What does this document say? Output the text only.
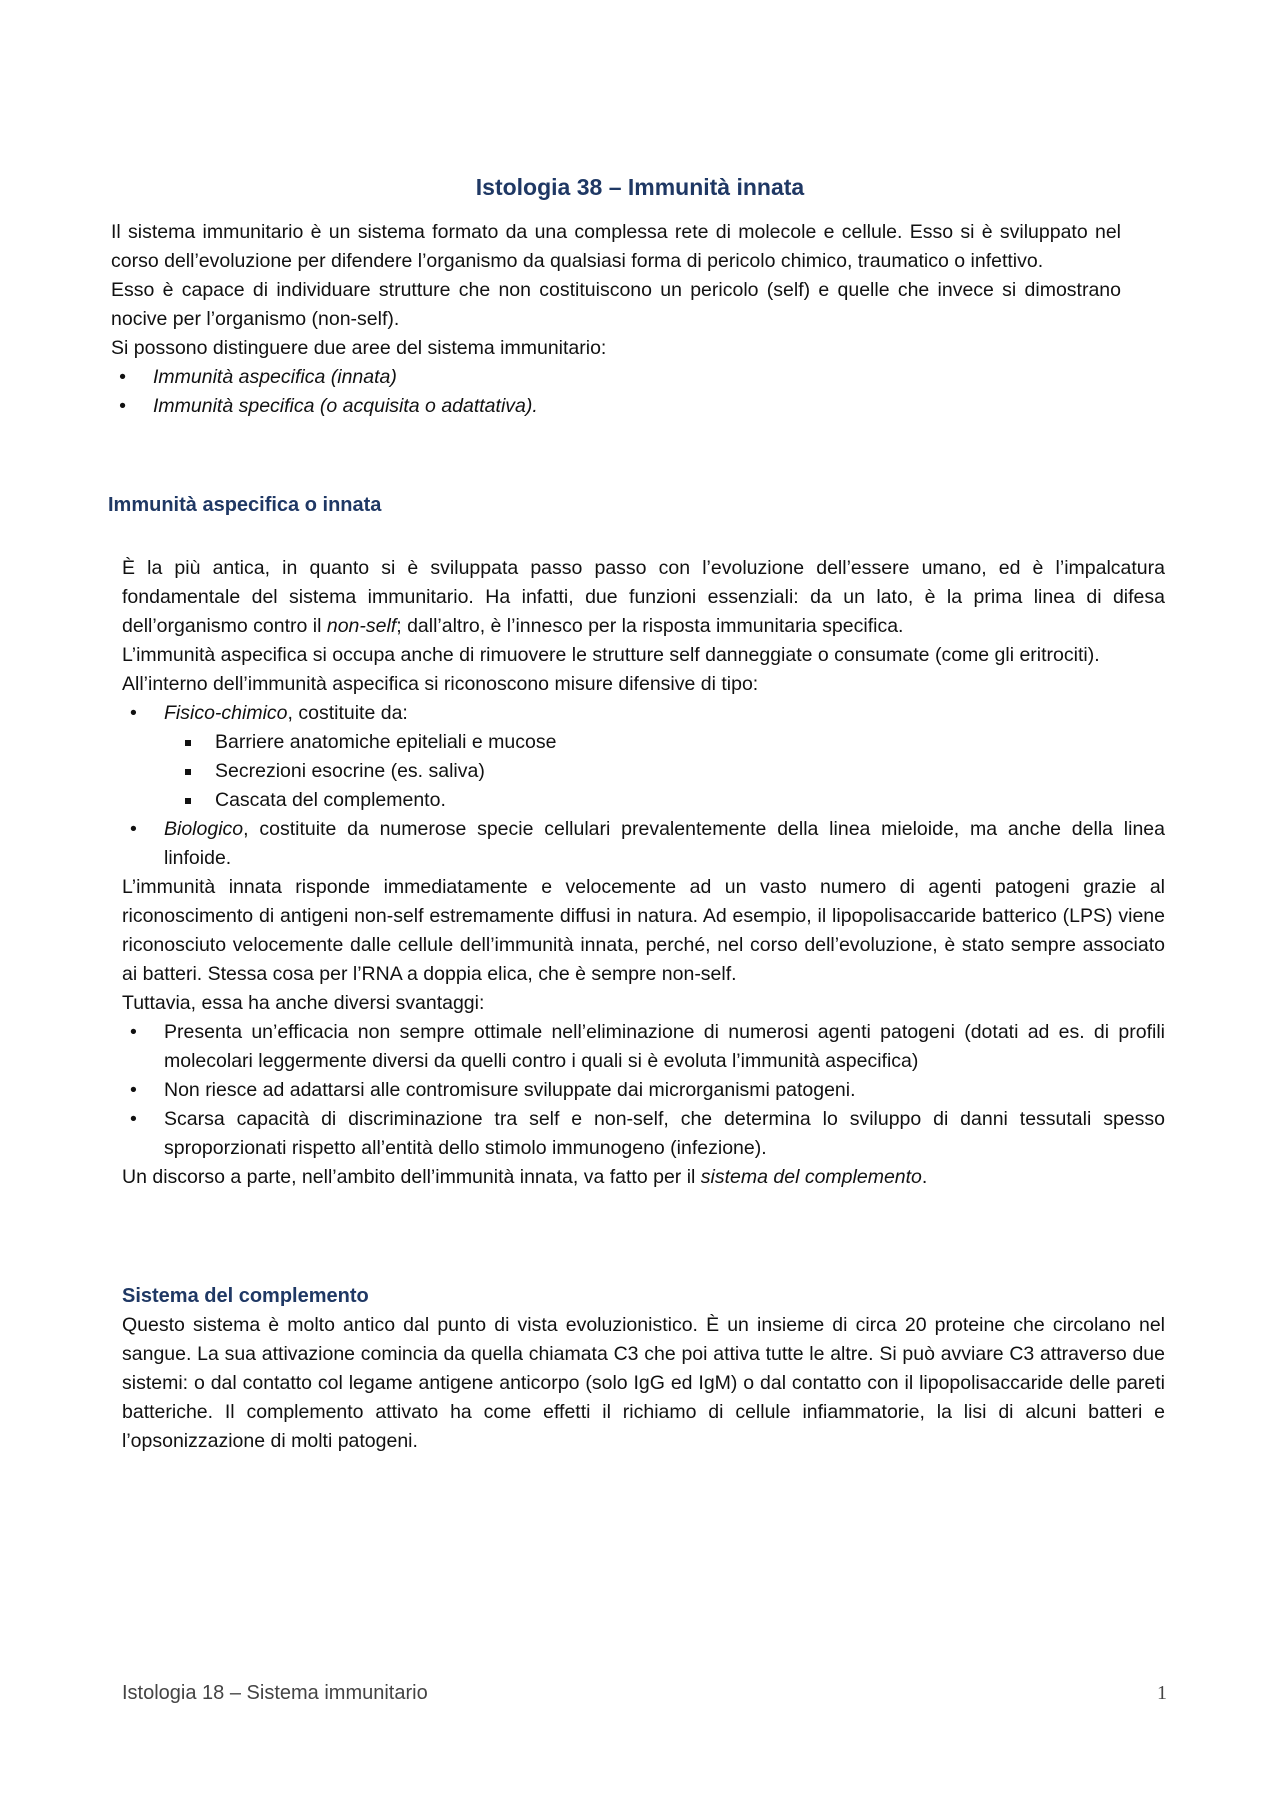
Istologia 38 – Immunità innata

Il sistema immunitario è un sistema formato da una complessa rete di molecole e cellule. Esso si è sviluppato nel corso dell’evoluzione per difendere l’organismo da qualsiasi forma di pericolo chimico, traumatico o infettivo.

Esso è capace di individuare strutture che non costituiscono un pericolo (self) e quelle che invece si dimostrano nocive per l’organismo (non-self).

Si possono distinguere due aree del sistema immunitario:

• Immunità aspecifica (innata)
• Immunità specifica (o acquisita o adattativa).
Immunità aspecifica o innata

È la più antica, in quanto si è sviluppata passo passo con l’evoluzione dell’essere umano, ed è l’impalcatura fondamentale del sistema immunitario. Ha infatti, due funzioni essenziali: da un lato, è la prima linea di difesa dell’organismo contro il non-self; dall’altro, è l’innesco per la risposta immunitaria specifica.

L’immunità aspecifica si occupa anche di rimuovere le strutture self danneggiate o consumate (come gli eritrociti).

All’interno dell’immunità aspecifica si riconoscono misure difensive di tipo:

• Fisico-chimico, costituite da:
Barriere anatomiche epiteliali e mucose
Secrezioni esocrine (es. saliva)
Cascata del complemento.
• Biologico, costituite da numerose specie cellulari prevalentemente della linea mieloide, ma anche della linea linfoide.

L’immunità innata risponde immediatamente e velocemente ad un vasto numero di agenti patogeni grazie al riconoscimento di antigeni non-self estremamente diffusi in natura. Ad esempio, il lipopolisaccaride batterico (LPS) viene riconosciuto velocemente dalle cellule dell’immunità innata, perché, nel corso dell’evoluzione, è stato sempre associato ai batteri. Stessa cosa per l’RNA a doppia elica, che è sempre non-self.

Tuttavia, essa ha anche diversi svantaggi:

• Presenta un’efficacia non sempre ottimale nell’eliminazione di numerosi agenti patogeni (dotati ad es. di profili molecolari leggermente diversi da quelli contro i quali si è evoluta l’immunità aspecifica)
• Non riesce ad adattarsi alle contromisure sviluppate dai microrganismi patogeni.
• Scarsa capacità di discriminazione tra self e non-self, che determina lo sviluppo di danni tessutali spesso sproporzionati rispetto all’entità dello stimolo immunogeno (infezione).

Un discorso a parte, nell’ambito dell’immunità innata, va fatto per il sistema del complemento.

Sistema del complemento

Questo sistema è molto antico dal punto di vista evoluzionistico. È un insieme di circa 20 proteine che circolano nel sangue. La sua attivazione comincia da quella chiamata C3 che poi attiva tutte le altre. Si può avviare C3 attraverso due sistemi: o dal contatto col legame antigene anticorpo (solo IgG ed IgM) o dal contatto con il lipopolisaccaride delle pareti batteriche. Il complemento attivato ha come effetti il richiamo di cellule infiammatorie, la lisi di alcuni batteri e l’opsonizzazione di molti patogeni.

Istologia 18 – Sistema immunitario	1
